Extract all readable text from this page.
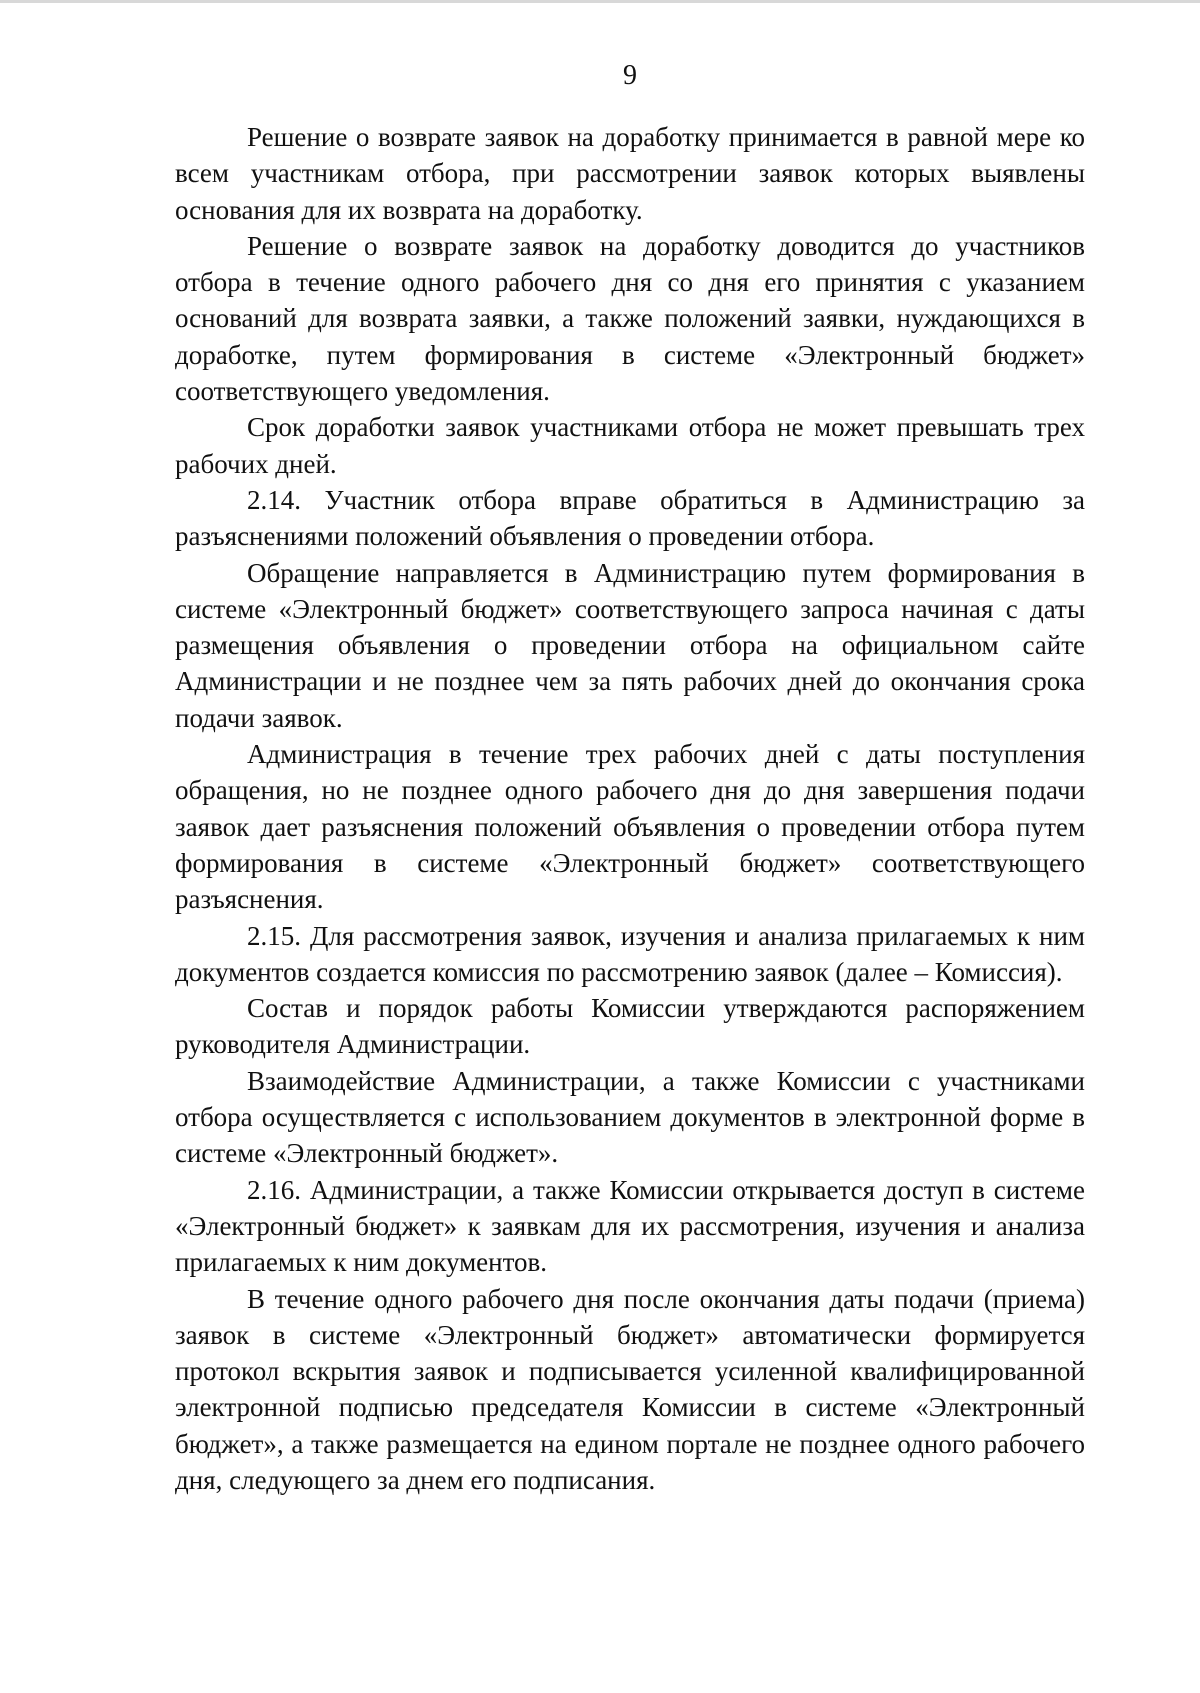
9

Решение о возврате заявок на доработку принимается в равной мере ко всем участникам отбора, при рассмотрении заявок которых выявлены основания для их возврата на доработку.

Решение о возврате заявок на доработку доводится до участников отбора в течение одного рабочего дня со дня его принятия с указанием оснований для возврата заявки, а также положений заявки, нуждающихся в доработке, путем формирования в системе «Электронный бюджет» соответствующего уведомления.

Срок доработки заявок участниками отбора не может превышать трех рабочих дней.

2.14. Участник отбора вправе обратиться в Администрацию за разъяснениями положений объявления о проведении отбора.

Обращение направляется в Администрацию путем формирования в системе «Электронный бюджет» соответствующего запроса начиная с даты размещения объявления о проведении отбора на официальном сайте Администрации и не позднее чем за пять рабочих дней до окончания срока подачи заявок.

Администрация в течение трех рабочих дней с даты поступления обращения, но не позднее одного рабочего дня до дня завершения подачи заявок дает разъяснения положений объявления о проведении отбора путем формирования в системе «Электронный бюджет» соответствующего разъяснения.

2.15. Для рассмотрения заявок, изучения и анализа прилагаемых к ним документов создается комиссия по рассмотрению заявок (далее – Комиссия).

Состав и порядок работы Комиссии утверждаются распоряжением руководителя Администрации.

Взаимодействие Администрации, а также Комиссии с участниками отбора осуществляется с использованием документов в электронной форме в системе «Электронный бюджет».

2.16. Администрации, а также Комиссии открывается доступ в системе «Электронный бюджет» к заявкам для их рассмотрения, изучения и анализа прилагаемых к ним документов.

В течение одного рабочего дня после окончания даты подачи (приема) заявок в системе «Электронный бюджет» автоматически формируется протокол вскрытия заявок и подписывается усиленной квалифицированной электронной подписью председателя Комиссии в системе «Электронный бюджет», а также размещается на едином портале не позднее одного рабочего дня, следующего за днем его подписания.
